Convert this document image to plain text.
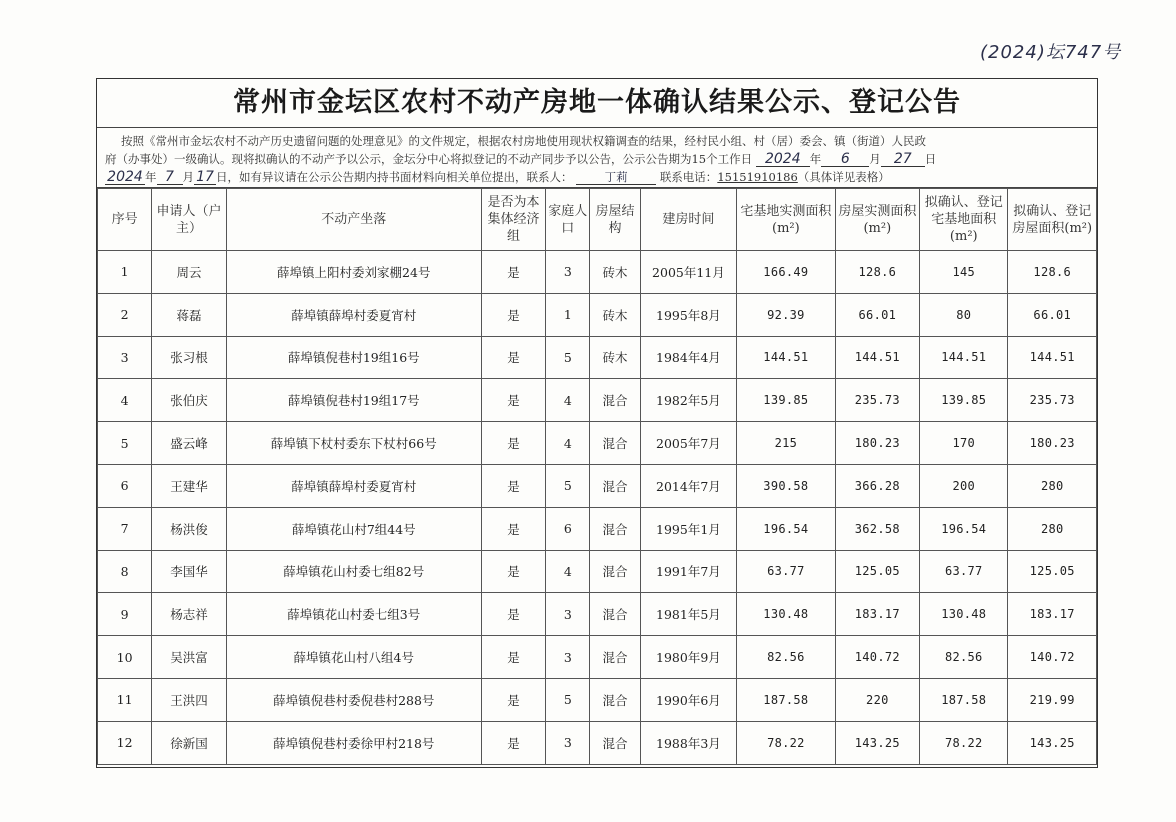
(2024)坛747号
常州市金坛区农村不动产房地一体确认结果公示、登记公告
按照《常州市金坛农村不动产历史遗留问题的处理意见》的文件规定，根据农村房地使用现状权籍调查的结果，经村民小组、村（居）委会、镇（街道）人民政
府（办事处）一级确认。现将拟确认的不动产予以公示，金坛分中心将拟登记的不动产同步予以公告，公示公告期为15个工作日 2024 年 6 月 27 日
2024 年 7 月 17 日，如有异议请在公示公告期内持书面材料向相关单位提出，联系人：	丁莉	联系电话：15151910186（具体详见表格）
序号	申请人（户主）	不动产坐落	是否为本集体经济组	家庭人口	房屋结构	建房时间	宅基地实测面积(m²)	房屋实测面积(m²)	拟确认、登记宅基地面积(m²)	拟确认、登记房屋面积(m²)
1	周云	薛埠镇上阳村委刘家棚24号	是	3	砖木	2005年11月	166.49	128.6	145	128.6
2	蒋磊	薛埠镇薛埠村委夏宵村	是	1	砖木	1995年8月	92.39	66.01	80	66.01
3	张习根	薛埠镇倪巷村19组16号	是	5	砖木	1984年4月	144.51	144.51	144.51	144.51
4	张伯庆	薛埠镇倪巷村19组17号	是	4	混合	1982年5月	139.85	235.73	139.85	235.73
5	盛云峰	薛埠镇下杖村委东下杖村66号	是	4	混合	2005年7月	215	180.23	170	180.23
6	王建华	薛埠镇薛埠村委夏宵村	是	5	混合	2014年7月	390.58	366.28	200	280
7	杨洪俊	薛埠镇花山村7组44号	是	6	混合	1995年1月	196.54	362.58	196.54	280
8	李国华	薛埠镇花山村委七组82号	是	4	混合	1991年7月	63.77	125.05	63.77	125.05
9	杨志祥	薛埠镇花山村委七组3号	是	3	混合	1981年5月	130.48	183.17	130.48	183.17
10	吴洪富	薛埠镇花山村八组4号	是	3	混合	1980年9月	82.56	140.72	82.56	140.72
11	王洪四	薛埠镇倪巷村委倪巷村288号	是	5	混合	1990年6月	187.58	220	187.58	219.99
12	徐新国	薛埠镇倪巷村委徐甲村218号	是	3	混合	1988年3月	78.22	143.25	78.22	143.25
